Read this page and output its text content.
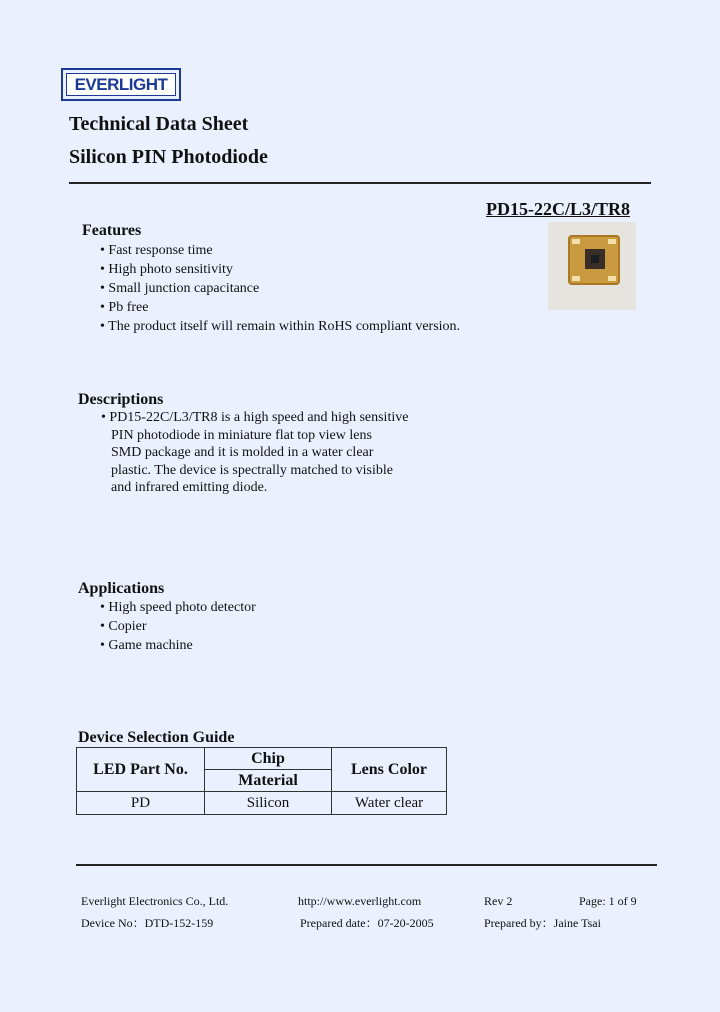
EVERLIGHT
Technical Data Sheet
Silicon PIN Photodiode
PD15-22C/L3/TR8
Features
• Fast response time
• High photo sensitivity
• Small junction capacitance
• Pb free
• The product itself will remain within RoHS compliant version.
Descriptions
• PD15-22C/L3/TR8 is a high speed and high sensitive
PIN photodiode in miniature flat top view lens
SMD package and it is molded in a water clear
plastic. The device is spectrally matched to visible
and infrared emitting diode.
Applications
• High speed photo detector
• Copier
• Game machine
Device Selection Guide
LED Part No.	Chip	Lens Color
	Material	
PD	Silicon	Water clear
Everlight Electronics Co., Ltd.	http://www.everlight.com	Rev 2	Page: 1 of 9
Device No：DTD-152-159	Prepared date：07-20-2005	Prepared by：Jaine Tsai
